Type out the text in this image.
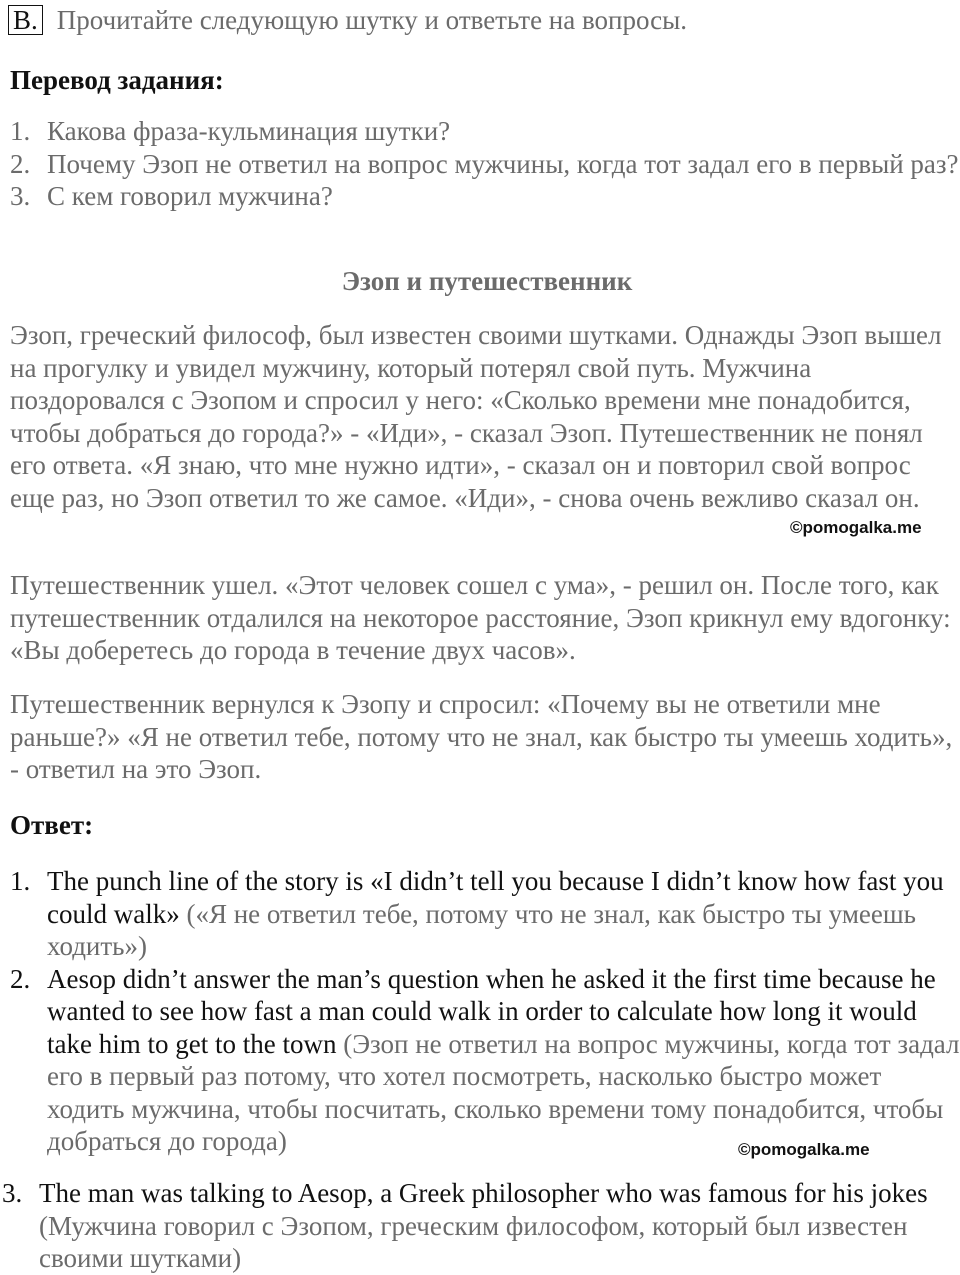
B. Прочитайте следующую шутку и ответьте на вопросы.
Перевод задания:
1. Какова фраза-кульминация шутки?
2. Почему Эзоп не ответил на вопрос мужчины, когда тот задал его в первый раз?
3. С кем говорил мужчина?
Эзоп и путешественник
Эзоп, греческий философ, был известен своими шутками. Однажды Эзоп вышел на прогулку и увидел мужчину, который потерял свой путь. Мужчина поздоровался с Эзопом и спросил у него: «Сколько времени мне понадобится, чтобы добраться до города?» - «Иди», - сказал Эзоп. Путешественник не понял его ответа. «Я знаю, что мне нужно идти», - сказал он и повторил свой вопрос еще раз, но Эзоп ответил то же самое. «Иди», - снова очень вежливо сказал он.
Путешественник ушел. «Этот человек сошел с ума», - решил он. После того, как путешественник отдалился на некоторое расстояние, Эзоп крикнул ему вдогонку: «Вы доберетесь до города в течение двух часов».
Путешественник вернулся к Эзопу и спросил: «Почему вы не ответили мне раньше?» «Я не ответил тебе, потому что не знал, как быстро ты умеешь ходить», - ответил на это Эзоп.
©pomogalka.me
Ответ:
1. The punch line of the story is «I didn’t tell you because I didn’t know how fast you could walk» («Я не ответил тебе, потому что не знал, как быстро ты умеешь ходить»)
2. Aesop didn’t answer the man’s question when he asked it the first time because he wanted to see how fast a man could walk in order to calculate how long it would take him to get to the town (Эзоп не ответил на вопрос мужчины, когда тот задал его в первый раз потому, что хотел посмотреть, насколько быстро может ходить мужчина, чтобы посчитать, сколько времени тому понадобится, чтобы добраться до города)	©pomogalka.me
3. The man was talking to Aesop, a Greek philosopher who was famous for his jokes (Мужчина говорил с Эзопом, греческим философом, который был известен своими шутками)
